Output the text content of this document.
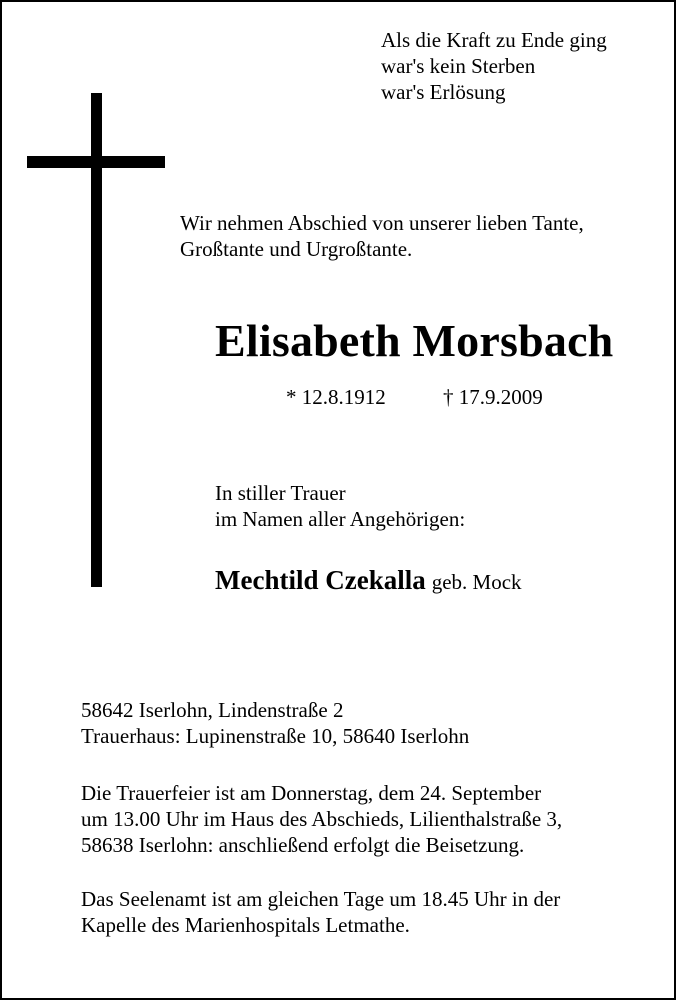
Als die Kraft zu Ende ging
war's kein Sterben
war's Erlösung
Wir nehmen Abschied von unserer lieben Tante,
Großtante und Urgroßtante.
Elisabeth Morsbach
* 12.8.1912	† 17.9.2009
In stiller Trauer
im Namen aller Angehörigen:
Mechtild Czekalla geb. Mock
58642 Iserlohn, Lindenstraße 2
Trauerhaus: Lupinenstraße 10, 58640 Iserlohn
Die Trauerfeier ist am Donnerstag, dem 24. September
um 13.00 Uhr im Haus des Abschieds, Lilienthalstraße 3,
58638 Iserlohn: anschließend erfolgt die Beisetzung.
Das Seelenamt ist am gleichen Tage um 18.45 Uhr in der
Kapelle des Marienhospitals Letmathe.
